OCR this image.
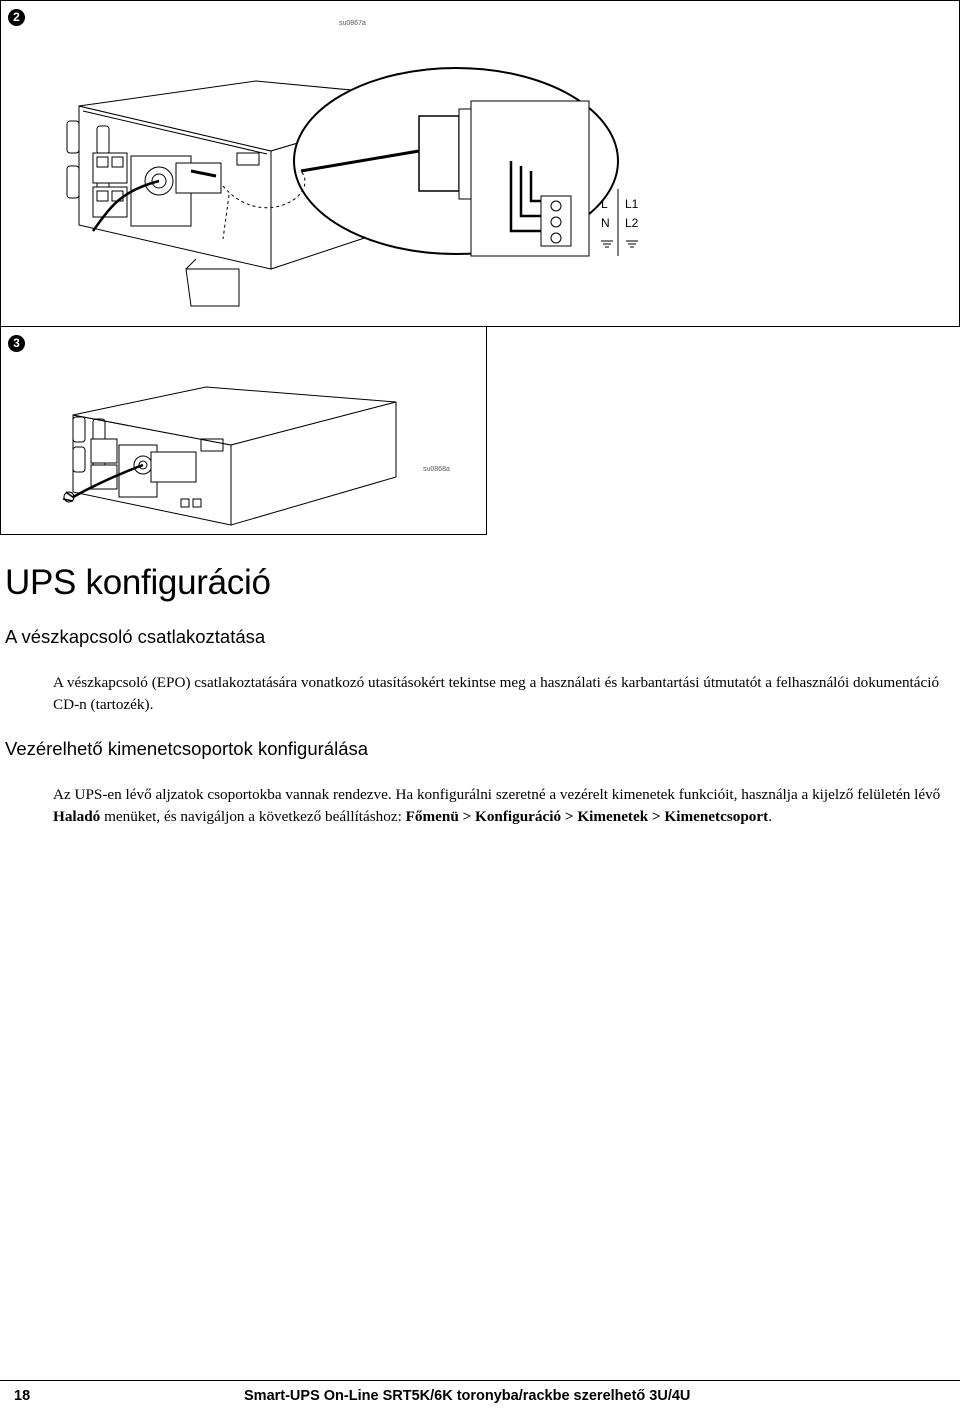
2	su0867a
L
N
L1
L2
3
su0868a
UPS konfiguráció
A vészkapcsoló csatlakoztatása

A vészkapcsoló (EPO) csatlakoztatására vonatkozó utasításokért tekintse meg a használati és karbantartási útmutatót a felhasználói dokumentáció CD-n (tartozék).

Vezérelhető kimenetcsoportok konfigurálása

Az UPS-en lévő aljzatok csoportokba vannak rendezve. Ha konfigurálni szeretné a vezérelt kimenetek funkcióit, használja a kijelző felületén lévő Haladó menüket, és navigáljon a következő beállításhoz: Főmenü > Konfiguráció > Kimenetek > Kimenetcsoport.

18	Smart-UPS On-Line SRT5K/6K toronyba/rackbe szerelhető 3U/4U
